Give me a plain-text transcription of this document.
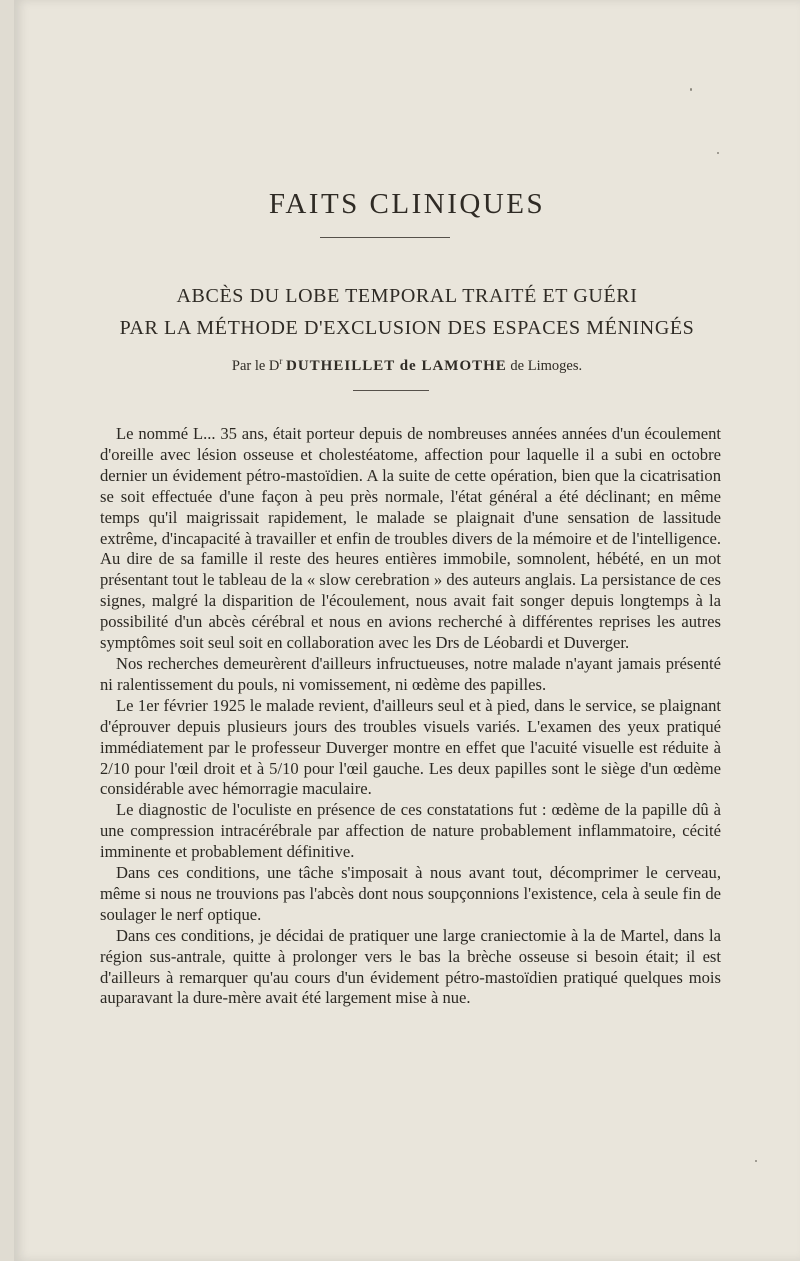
FAITS CLINIQUES
ABCÈS DU LOBE TEMPORAL TRAITÉ ET GUÉRI
PAR LA MÉTHODE D'EXCLUSION DES ESPACES MÉNINGÉS
Par le $D^r$ DUTHEILLET de LAMOTHE de Limoges.

Le nommé L... 35 ans, était porteur depuis de nombreuses années années d'un écoulement d'oreille avec lésion osseuse et cholestéatome, affection pour laquelle il a subi en octobre dernier un évidement pétro-mastoïdien. A la suite de cette opération, bien que la cicatrisation se soit effectuée d'une façon à peu près normale, l'état général a été déclinant; en même temps qu'il maigrissait rapidement, le malade se plaignait d'une sensation de lassitude extrême, d'incapacité à travailler et enfin de troubles divers de la mémoire et de l'intelligence. Au dire de sa famille il reste des heures entières immobile, somnolent, hébété, en un mot présentant tout le tableau de la « slow cerebration » des auteurs anglais. La persistance de ces signes, malgré la disparition de l'écoulement, nous avait fait songer depuis longtemps à la possibilité d'un abcès cérébral et nous en avions recherché à différentes reprises les autres symptômes soit seul soit en collaboration avec les Drs de Léobardi et Duverger.

Nos recherches demeurèrent d'ailleurs infructueuses, notre malade n'ayant jamais présenté ni ralentissement du pouls, ni vomissement, ni œdème des papilles.

Le 1er février 1925 le malade revient, d'ailleurs seul et à pied, dans le service, se plaignant d'éprouver depuis plusieurs jours des troubles visuels variés. L'examen des yeux pratiqué immédiatement par le professeur Duverger montre en effet que l'acuité visuelle est réduite à 2/10 pour l'œil droit et à 5/10 pour l'œil gauche. Les deux papilles sont le siège d'un œdème considérable avec hémorragie maculaire.

Le diagnostic de l'oculiste en présence de ces constatations fut : œdème de la papille dû à une compression intracérébrale par affection de nature probablement inflammatoire, cécité imminente et probablement définitive.

Dans ces conditions, une tâche s'imposait à nous avant tout, décomprimer le cerveau, même si nous ne trouvions pas l'abcès dont nous soupçonnions l'existence, cela à seule fin de soulager le nerf optique.

Dans ces conditions, je décidai de pratiquer une large craniectomie à la de Martel, dans la région sus-antrale, quitte à prolonger vers le bas la brèche osseuse si besoin était; il est d'ailleurs à remarquer qu'au cours d'un évidement pétro-mastoïdien pratiqué quelques mois auparavant la dure-mère avait été largement mise à nue.
